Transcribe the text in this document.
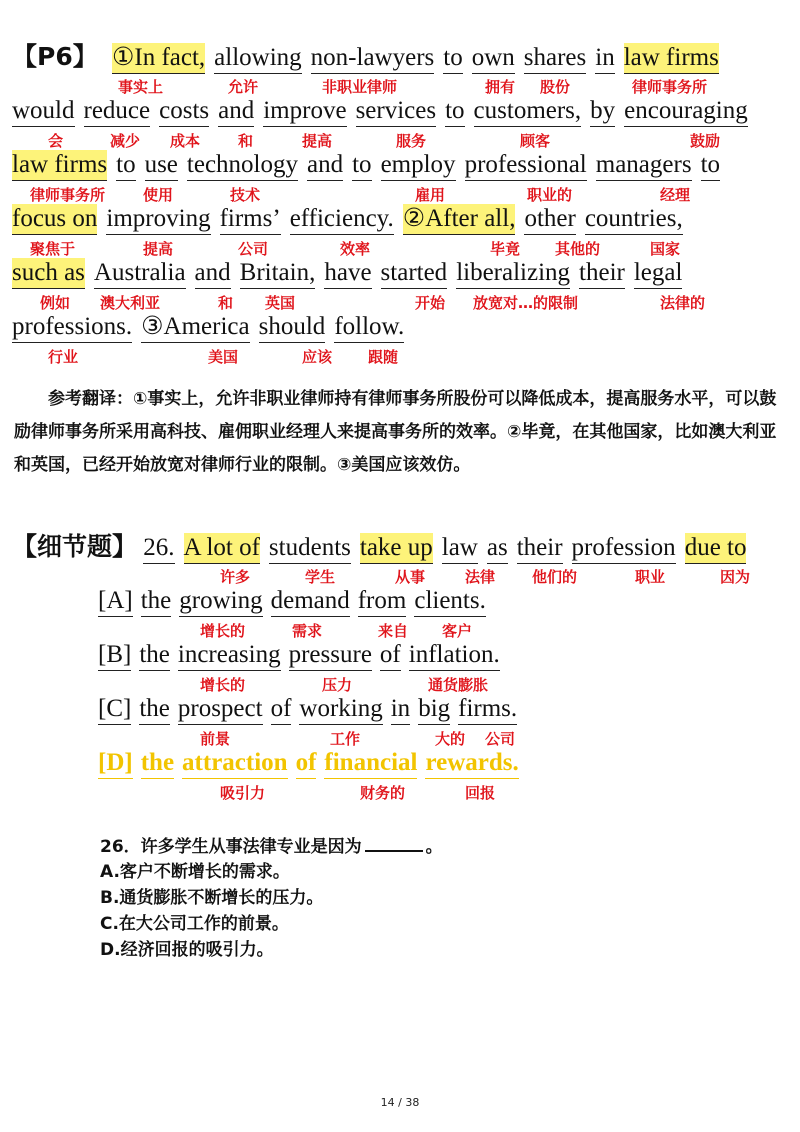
【P6】 ①In fact, allowing non-lawyers to own shares in law firms
事实上	允许	非职业律师	拥有 股份	律师事务所
would reduce costs and improve services to customers, by encouraging
会	减少 成本	和	提高	服务	顾客	鼓励
law firms to use technology and to employ professional managers to
律师事务所	使用	技术	雇用	职业的	经理
focus on improving firms’ efficiency. ②After all, other countries,
聚焦于	提高	公司	效率	毕竟 其他的	国家
such as Australia and Britain, have started liberalizing their legal
例如 澳大利亚	和 英国	开始 放宽对…的限制	法律的
professions. ③America should follow.
行业	美国	应该 跟随
参考翻译：①事实上，允许非职业律师持有律师事务所股份可以降低成本，提高服务水平，可以鼓励律师事务所采用高科技、雇佣职业经理人来提高事务所的效率。②毕竟，在其他国家，比如澳大利亚和英国，已经开始放宽对律师行业的限制。③美国应该效仿。
【细节题】 26. A lot of students take up law as their profession due to
许多	学生	从事	法律 他们的	职业	因为
[A] the growing demand from clients.
增长的	需求	来自 客户
[B] the increasing pressure of inflation.
增长的	压力	通货膨胀
[C] the prospect of working in big firms.
前景	工作	大的 公司
[D] the attraction of financial rewards.
吸引力	财务的	回报
26．许多学生从事法律专业是因为	。
A.客户不断增长的需求。
B.通货膨胀不断增长的压力。
C.在大公司工作的前景。
D.经济回报的吸引力。
14 / 38
